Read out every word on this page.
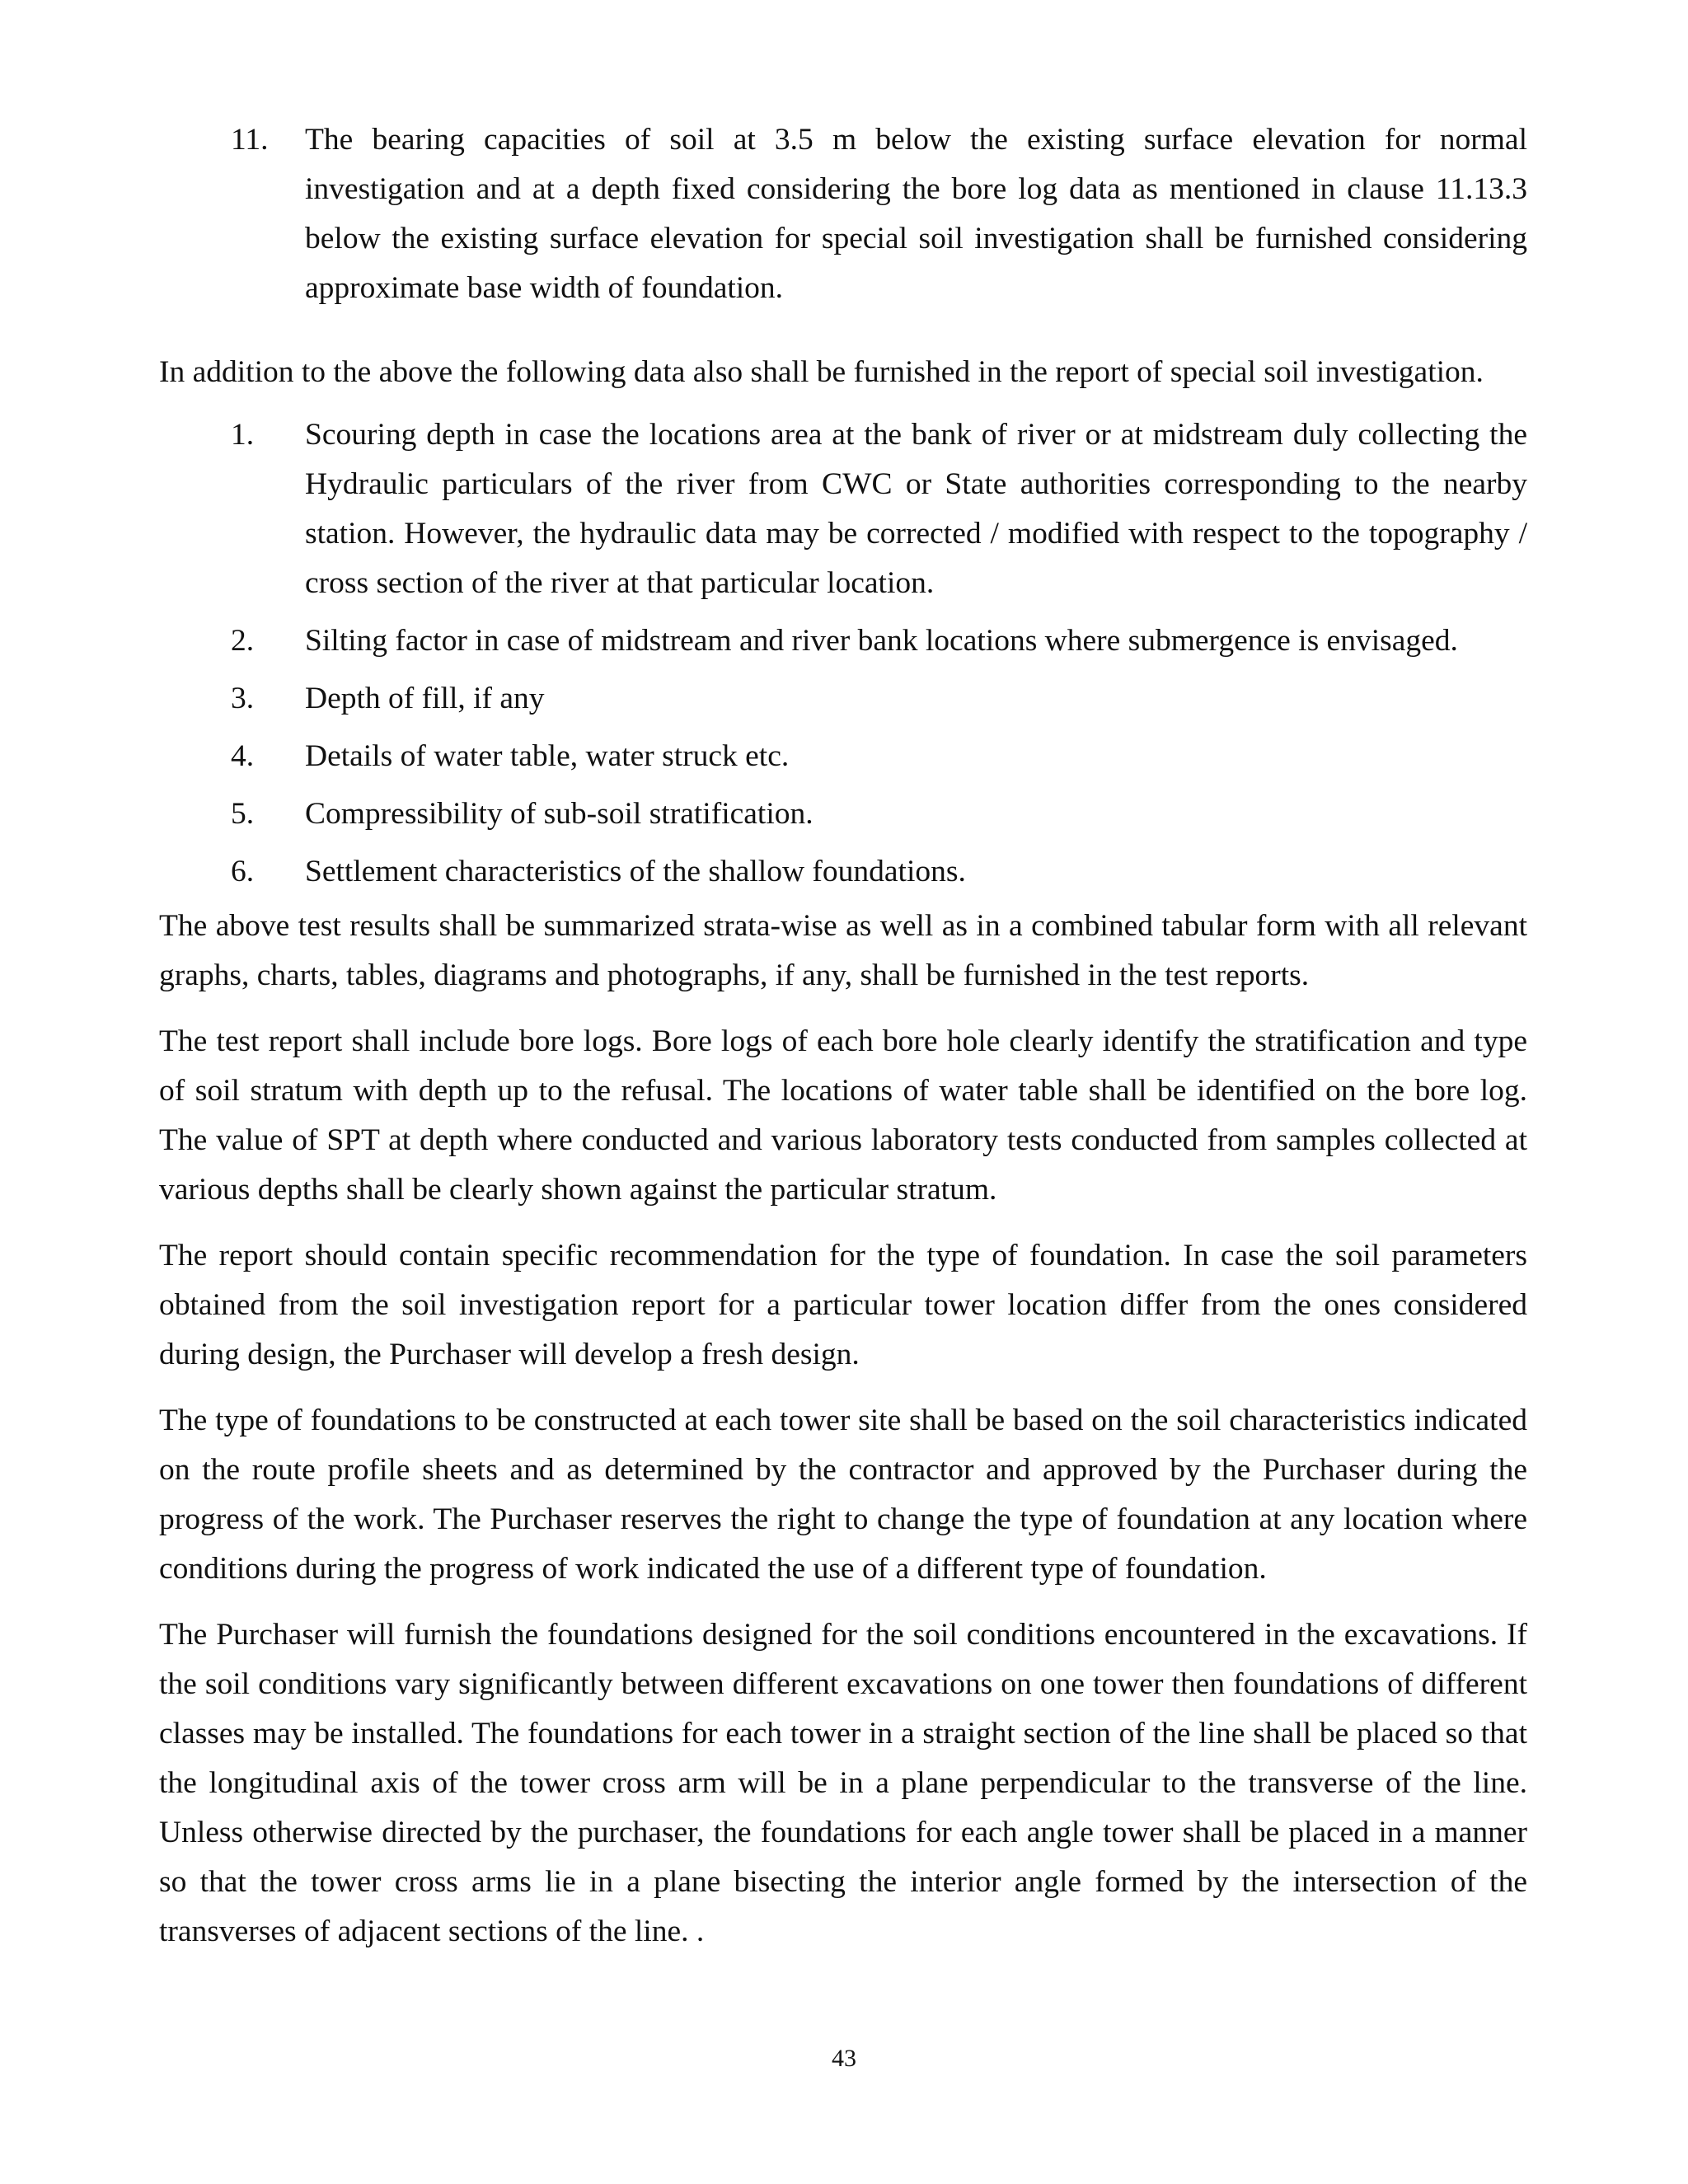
11.	The bearing capacities of soil at 3.5 m below the existing surface elevation for normal investigation and at a depth fixed considering the bore log data as mentioned in clause 11.13.3 below the existing surface elevation for special soil investigation shall be furnished considering approximate base width of foundation.

In addition to the above the following data also shall be furnished in the report of special soil investigation.

1.	Scouring depth in case the locations area at the bank of river or at midstream duly collecting the Hydraulic particulars of the river from CWC or State authorities corresponding to the nearby station. However, the hydraulic data may be corrected / modified with respect to the topography / cross section of the river at that particular location.
2.	Silting factor in case of midstream and river bank locations where submergence is envisaged.
3.	Depth of fill, if any
4.	Details of water table, water struck etc.
5.	Compressibility of sub-soil stratification.
6.	Settlement characteristics of the shallow foundations.

The above test results shall be summarized strata-wise as well as in a combined tabular form with all relevant graphs, charts, tables, diagrams and photographs, if any, shall be furnished in the test reports.

The test report shall include bore logs. Bore logs of each bore hole clearly identify the stratification and type of soil stratum with depth up to the refusal. The locations of water table shall be identified on the bore log. The value of SPT at depth where conducted and various laboratory tests conducted from samples collected at various depths shall be clearly shown against the particular stratum.

The report should contain specific recommendation for the type of foundation. In case the soil parameters obtained from the soil investigation report for a particular tower location differ from the ones considered during design, the Purchaser will develop a fresh design.

The type of foundations to be constructed at each tower site shall be based on the soil characteristics indicated on the route profile sheets and as determined by the contractor and approved by the Purchaser during the progress of the work. The Purchaser reserves the right to change the type of foundation at any location where conditions during the progress of work indicated the use of a different type of foundation.

The Purchaser will furnish the foundations designed for the soil conditions encountered in the excavations. If the soil conditions vary significantly between different excavations on one tower then foundations of different classes may be installed. The foundations for each tower in a straight section of the line shall be placed so that the longitudinal axis of the tower cross arm will be in a plane perpendicular to the transverse of the line. Unless otherwise directed by the purchaser, the foundations for each angle tower shall be placed in a manner so that the tower cross arms lie in a plane bisecting the interior angle formed by the intersection of the transverses of adjacent sections of the line. .

43
